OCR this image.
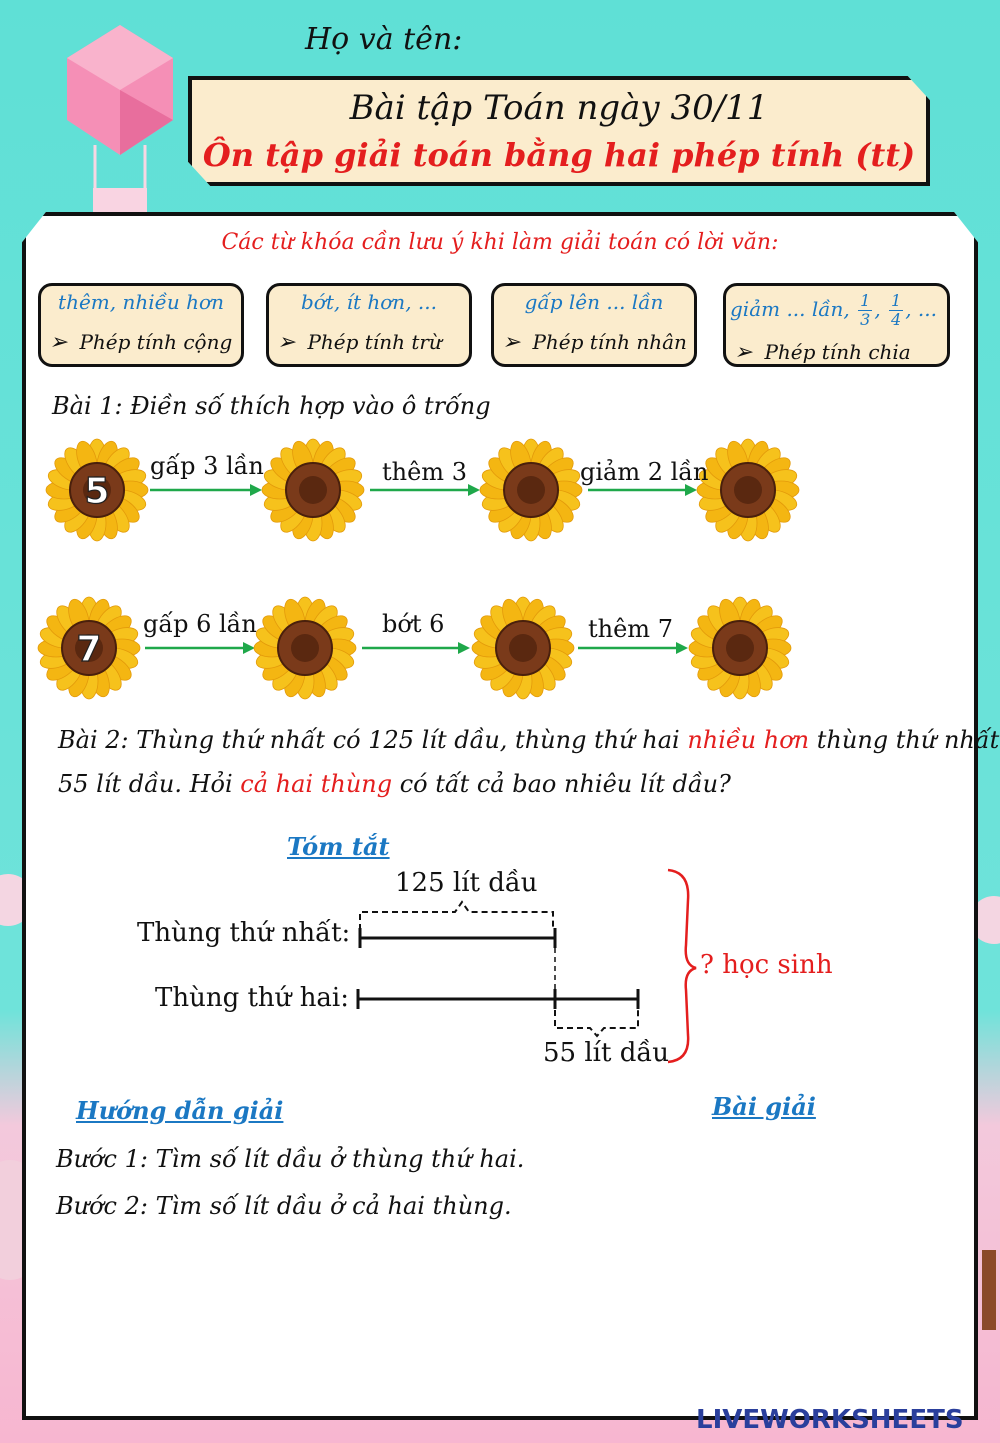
Họ và tên:
Bài tập Toán ngày 30/11
Ôn tập giải toán bằng hai phép tính (tt)
Các từ khóa cần lưu ý khi làm giải toán có lời văn:
thêm, nhiều hơn
➢ Phép tính cộng
bớt, ít hơn, ...
➢ Phép tính trừ
gấp lên ... lần
➢ Phép tính nhân
giảm ... lần, $\frac{1}{3}$ , $\frac{1}{4}$ , ...
➢ Phép tính chia
Bài 1: Điền số thích hợp vào ô trống
5
7
gấp 3 lần	thêm 3	giảm 2 lần
gấp 6 lần	bớt 6	thêm 7
Bài 2: Thùng thứ nhất có 125 lít dầu, thùng thứ hai nhiều hơn thùng thứ nhất
55 lít dầu. Hỏi cả hai thùng có tất cả bao nhiêu lít dầu?
Tóm tắt
125 lít dầu
Thùng thứ nhất:
Thùng thứ hai:
55 lít dầu
? học sinh
Hướng dẫn giải	Bài giải
Bước 1: Tìm số lít dầu ở thùng thứ hai.
Bước 2: Tìm số lít dầu ở cả hai thùng.
LIVEWORKSHEETS
